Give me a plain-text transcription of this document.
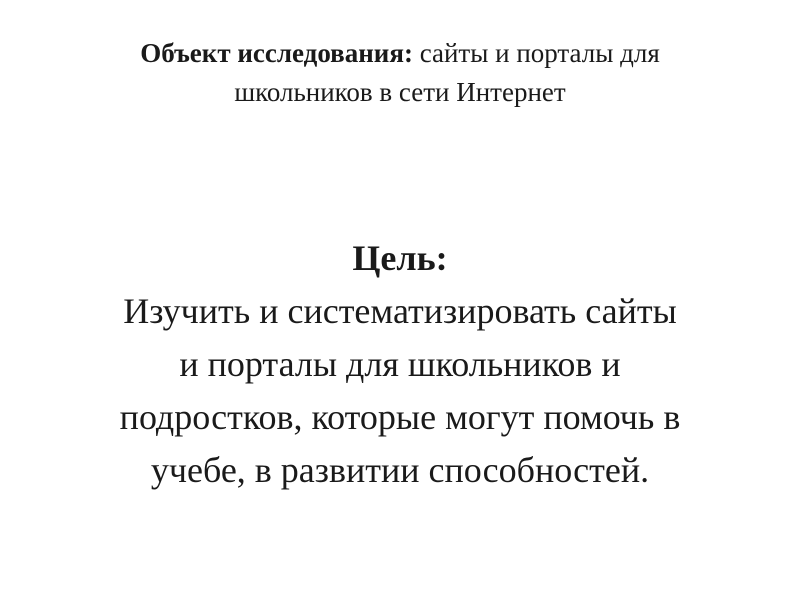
Объект исследования: сайты и порталы для
школьников в сети Интернет
Цель:
Изучить и систематизировать сайты
и порталы для школьников и
подростков, которые могут помочь в
учебе, в развитии способностей.
